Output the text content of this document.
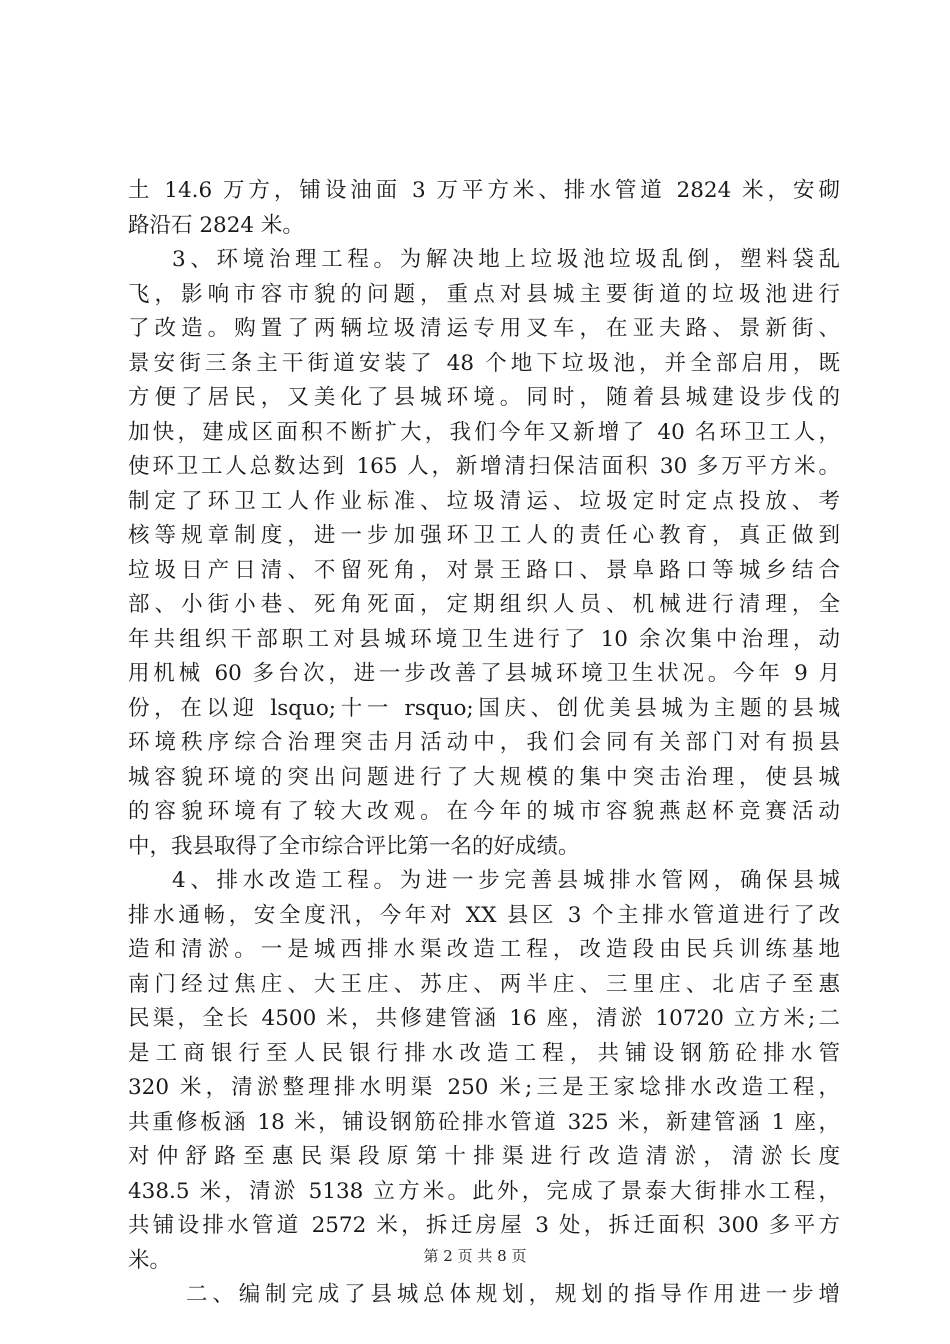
土 14.6 万方，铺设油面 3 万平方米、排水管道 2824 米，安砌
路沿石 2824 米。
3、环境治理工程。为解决地上垃圾池垃圾乱倒，塑料袋乱
飞，影响市容市貌的问题，重点对县城主要街道的垃圾池进行
了改造。购置了两辆垃圾清运专用叉车，在亚夫路、景新街、
景安街三条主干街道安装了 48 个地下垃圾池，并全部启用，既
方便了居民，又美化了县城环境。同时，随着县城建设步伐的
加快，建成区面积不断扩大，我们今年又新增了 40 名环卫工人，
使环卫工人总数达到 165 人，新增清扫保洁面积 30 多万平方米。
制定了环卫工人作业标准、垃圾清运、垃圾定时定点投放、考
核等规章制度，进一步加强环卫工人的责任心教育，真正做到
垃圾日产日清、不留死角，对景王路口、景阜路口等城乡结合
部、小街小巷、死角死面，定期组织人员、机械进行清理，全
年共组织干部职工对县城环境卫生进行了 10 余次集中治理，动
用机械 60 多台次，进一步改善了县城环境卫生状况。今年 9 月
份，在以迎 lsquo;十一 rsquo;国庆、创优美县城为主题的县城
环境秩序综合治理突击月活动中，我们会同有关部门对有损县
城容貌环境的突出问题进行了大规模的集中突击治理，使县城
的容貌环境有了较大改观。在今年的城市容貌燕赵杯竞赛活动
中，我县取得了全市综合评比第一名的好成绩。
4、排水改造工程。为进一步完善县城排水管网，确保县城
排水通畅，安全度汛，今年对 XX 县区 3 个主排水管道进行了改
造和清淤。一是城西排水渠改造工程，改造段由民兵训练基地
南门经过焦庄、大王庄、苏庄、两半庄、三里庄、北店子至惠
民渠，全长 4500 米，共修建管涵 16 座，清淤 10720 立方米;二
是工商银行至人民银行排水改造工程，共铺设钢筋砼排水管
320 米，清淤整理排水明渠 250 米;三是王家埝排水改造工程，
共重修板涵 18 米，铺设钢筋砼排水管道 325 米，新建管涵 1 座，
对仲舒路至惠民渠段原第十排渠进行改造清淤，清淤长度
438.5 米，清淤 5138 立方米。此外，完成了景泰大街排水工程，
共铺设排水管道 2572 米，拆迁房屋 3 处，拆迁面积 300 多平方
米。
二、编制完成了县城总体规划，规划的指导作用进一步增
第 2 页 共 8 页
